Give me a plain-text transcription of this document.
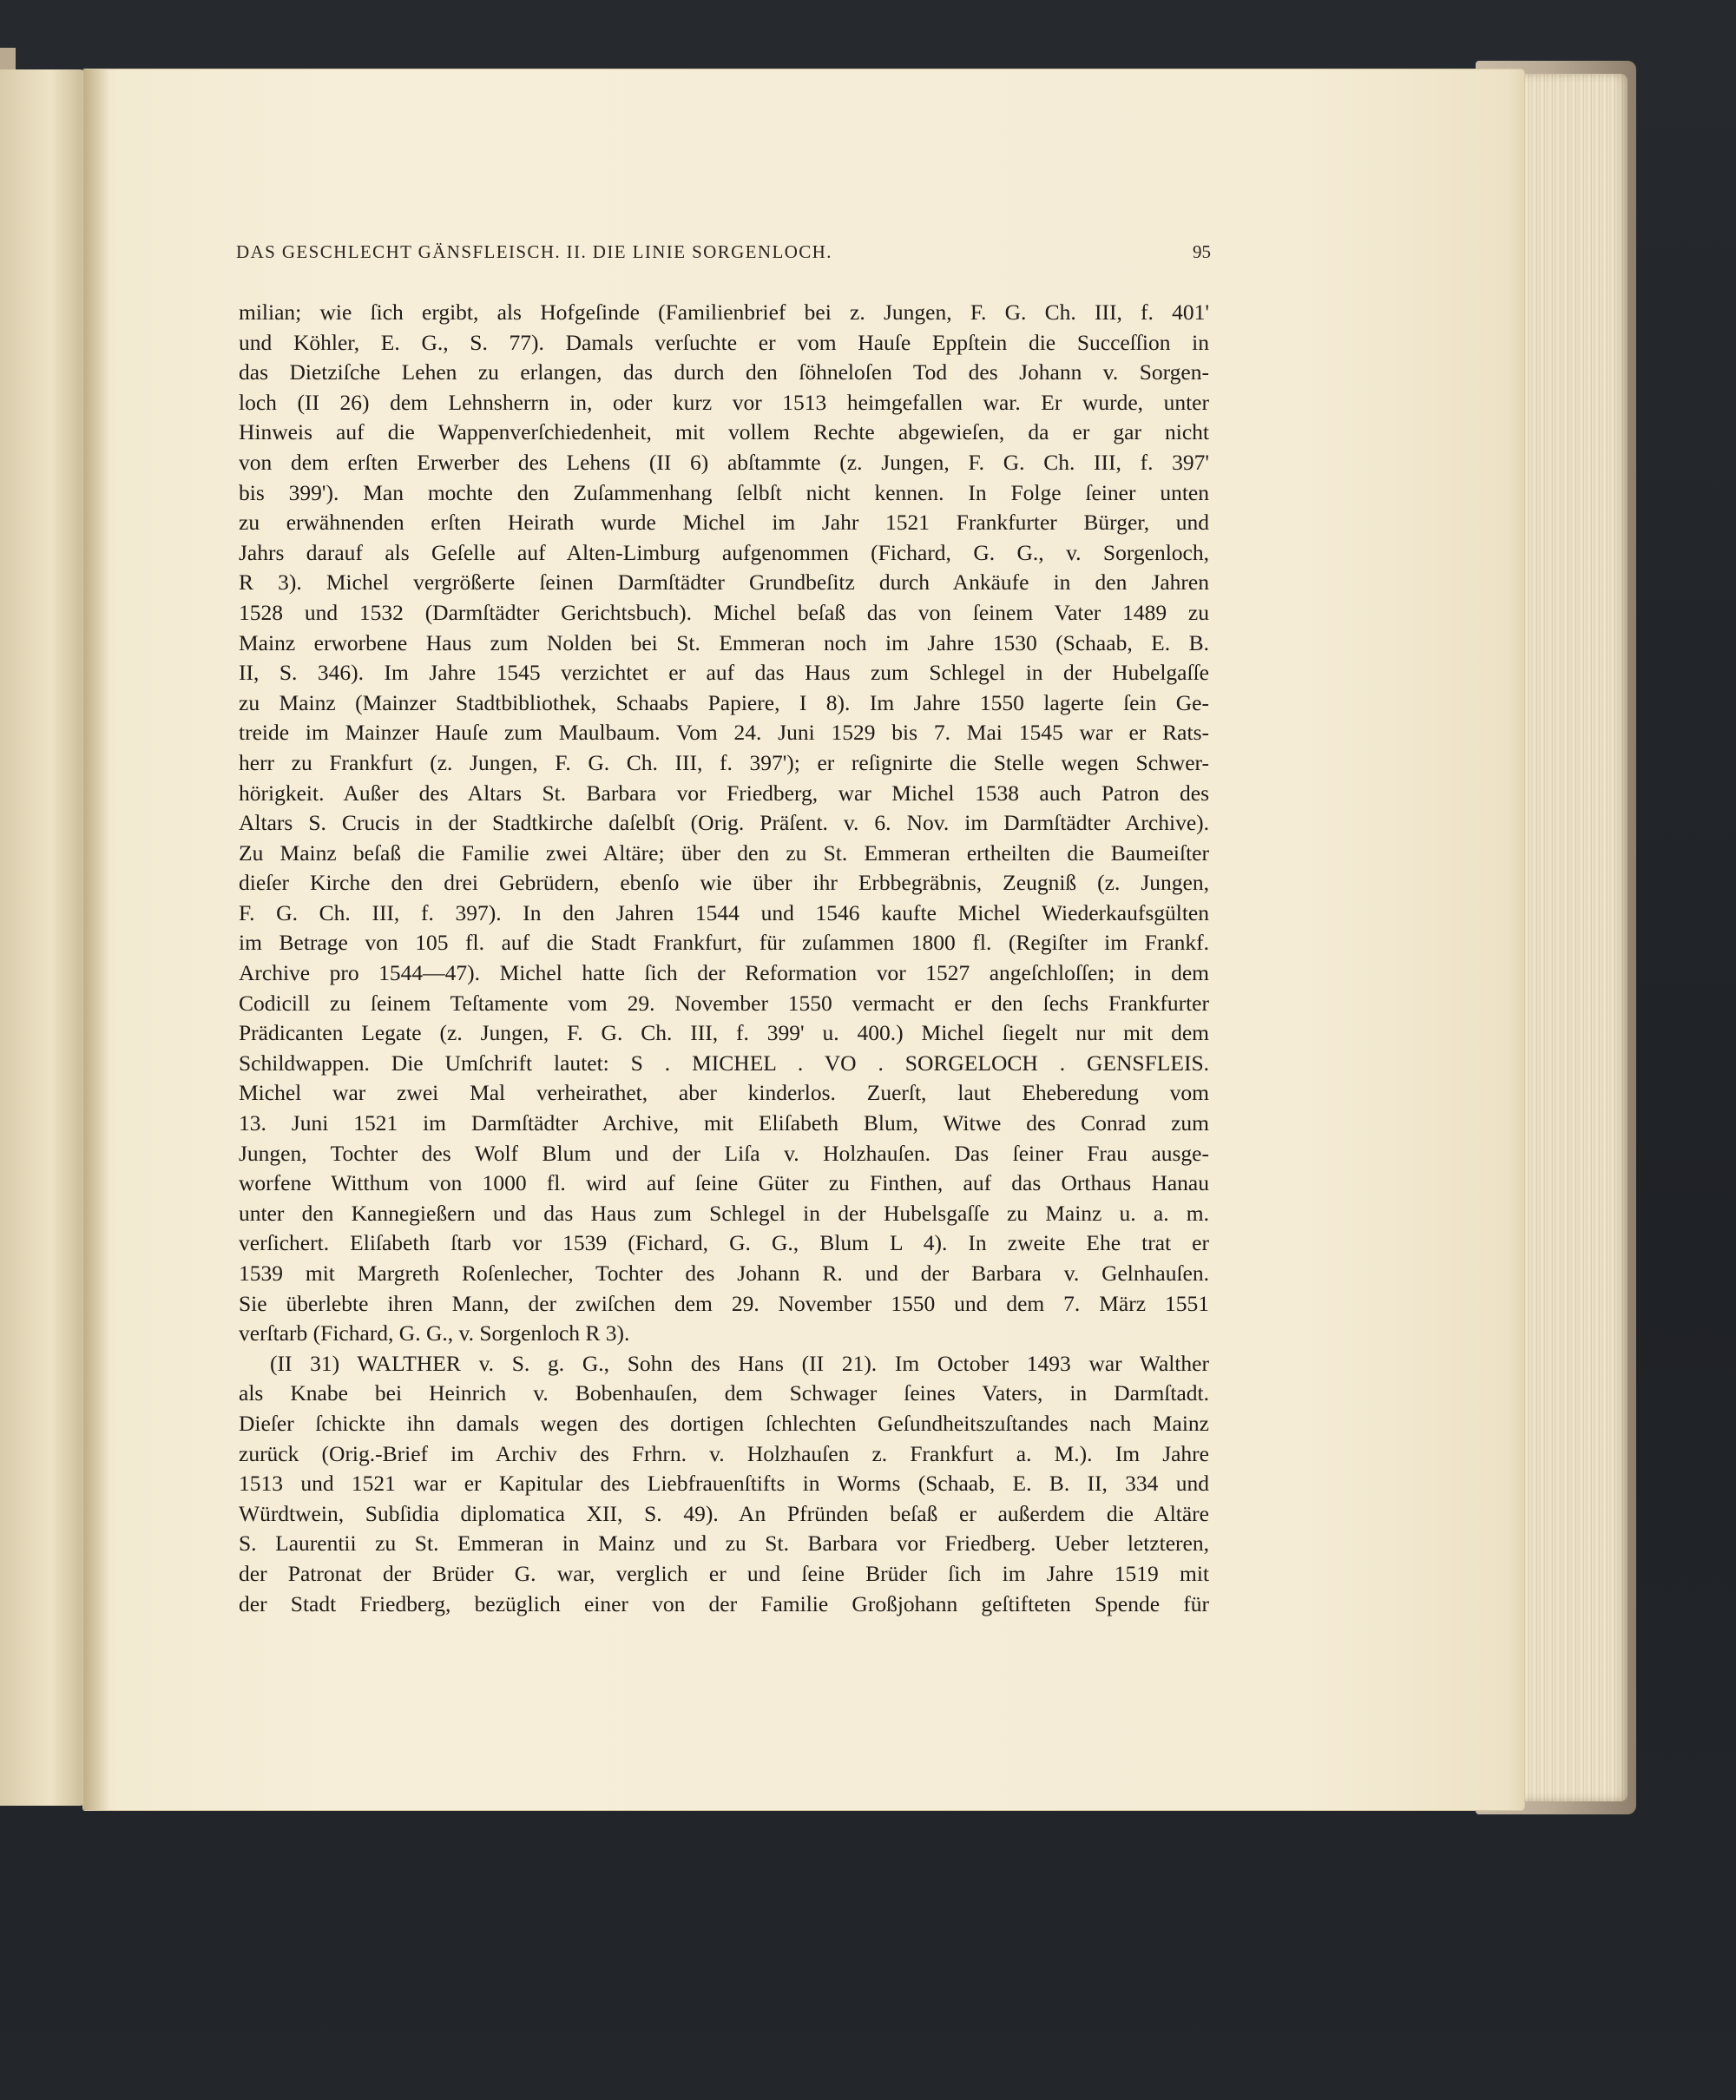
DAS GESCHLECHT GÄNSFLEISCH. II. DIE LINIE SORGENLOCH.	95
milian; wie ſich ergibt, als Hofgeſinde (Familienbrief bei z. Jungen, F. G. Ch. III, f. 401'
und Köhler, E. G., S. 77). Damals verſuchte er vom Hauſe Eppſtein die Succeſſion in
das Dietziſche Lehen zu erlangen, das durch den ſöhneloſen Tod des Johann v. Sorgen-
loch (II 26) dem Lehnsherrn in, oder kurz vor 1513 heimgefallen war. Er wurde, unter
Hinweis auf die Wappenverſchiedenheit, mit vollem Rechte abgewieſen, da er gar nicht
von dem erſten Erwerber des Lehens (II 6) abſtammte (z. Jungen, F. G. Ch. III, f. 397'
bis 399'). Man mochte den Zuſammenhang ſelbſt nicht kennen. In Folge ſeiner unten
zu erwähnenden erſten Heirath wurde Michel im Jahr 1521 Frankfurter Bürger, und
Jahrs darauf als Geſelle auf Alten-Limburg aufgenommen (Fichard, G. G., v. Sorgenloch,
R 3). Michel vergrößerte ſeinen Darmſtädter Grundbeſitz durch Ankäufe in den Jahren
1528 und 1532 (Darmſtädter Gerichtsbuch). Michel beſaß das von ſeinem Vater 1489 zu
Mainz erworbene Haus zum Nolden bei St. Emmeran noch im Jahre 1530 (Schaab, E. B.
II, S. 346). Im Jahre 1545 verzichtet er auf das Haus zum Schlegel in der Hubelgaſſe
zu Mainz (Mainzer Stadtbibliothek, Schaabs Papiere, I 8). Im Jahre 1550 lagerte ſein Ge-
treide im Mainzer Hauſe zum Maulbaum. Vom 24. Juni 1529 bis 7. Mai 1545 war er Rats-
herr zu Frankfurt (z. Jungen, F. G. Ch. III, f. 397'); er reſignirte die Stelle wegen Schwer-
hörigkeit. Außer des Altars St. Barbara vor Friedberg, war Michel 1538 auch Patron des
Altars S. Crucis in der Stadtkirche daſelbſt (Orig. Präſent. v. 6. Nov. im Darmſtädter Archive).
Zu Mainz beſaß die Familie zwei Altäre; über den zu St. Emmeran ertheilten die Baumeiſter
dieſer Kirche den drei Gebrüdern, ebenſo wie über ihr Erbbegräbnis, Zeugniß (z. Jungen,
F. G. Ch. III, f. 397). In den Jahren 1544 und 1546 kaufte Michel Wiederkaufsgülten
im Betrage von 105 fl. auf die Stadt Frankfurt, für zuſammen 1800 fl. (Regiſter im Frankf.
Archive pro 1544—47). Michel hatte ſich der Reformation vor 1527 angeſchloſſen; in dem
Codicill zu ſeinem Teſtamente vom 29. November 1550 vermacht er den ſechs Frankfurter
Prädicanten Legate (z. Jungen, F. G. Ch. III, f. 399' u. 400.) Michel ſiegelt nur mit dem
Schildwappen. Die Umſchrift lautet: S . MICHEL . VO . SORGELOCH . GENSFLEIS.
Michel war zwei Mal verheirathet, aber kinderlos. Zuerſt, laut Eheberedung vom
13. Juni 1521 im Darmſtädter Archive, mit Eliſabeth Blum, Witwe des Conrad zum
Jungen, Tochter des Wolf Blum und der Liſa v. Holzhauſen. Das ſeiner Frau ausge-
worfene Witthum von 1000 fl. wird auf ſeine Güter zu Finthen, auf das Orthaus Hanau
unter den Kannegießern und das Haus zum Schlegel in der Hubelsgaſſe zu Mainz u. a. m.
verſichert. Eliſabeth ſtarb vor 1539 (Fichard, G. G., Blum L 4). In zweite Ehe trat er
1539 mit Margreth Roſenlecher, Tochter des Johann R. und der Barbara v. Gelnhauſen.
Sie überlebte ihren Mann, der zwiſchen dem 29. November 1550 und dem 7. März 1551
verſtarb (Fichard, G. G., v. Sorgenloch R 3).
(II 31) WALTHER v. S. g. G., Sohn des Hans (II 21). Im October 1493 war Walther
als Knabe bei Heinrich v. Bobenhauſen, dem Schwager ſeines Vaters, in Darmſtadt.
Dieſer ſchickte ihn damals wegen des dortigen ſchlechten Geſundheitszuſtandes nach Mainz
zurück (Orig.-Brief im Archiv des Frhrn. v. Holzhauſen z. Frankfurt a. M.). Im Jahre
1513 und 1521 war er Kapitular des Liebfrauenſtifts in Worms (Schaab, E. B. II, 334 und
Würdtwein, Subſidia diplomatica XII, S. 49). An Pfründen beſaß er außerdem die Altäre
S. Laurentii zu St. Emmeran in Mainz und zu St. Barbara vor Friedberg. Ueber letzteren,
der Patronat der Brüder G. war, verglich er und ſeine Brüder ſich im Jahre 1519 mit
der Stadt Friedberg, bezüglich einer von der Familie Großjohann geſtifteten Spende für
